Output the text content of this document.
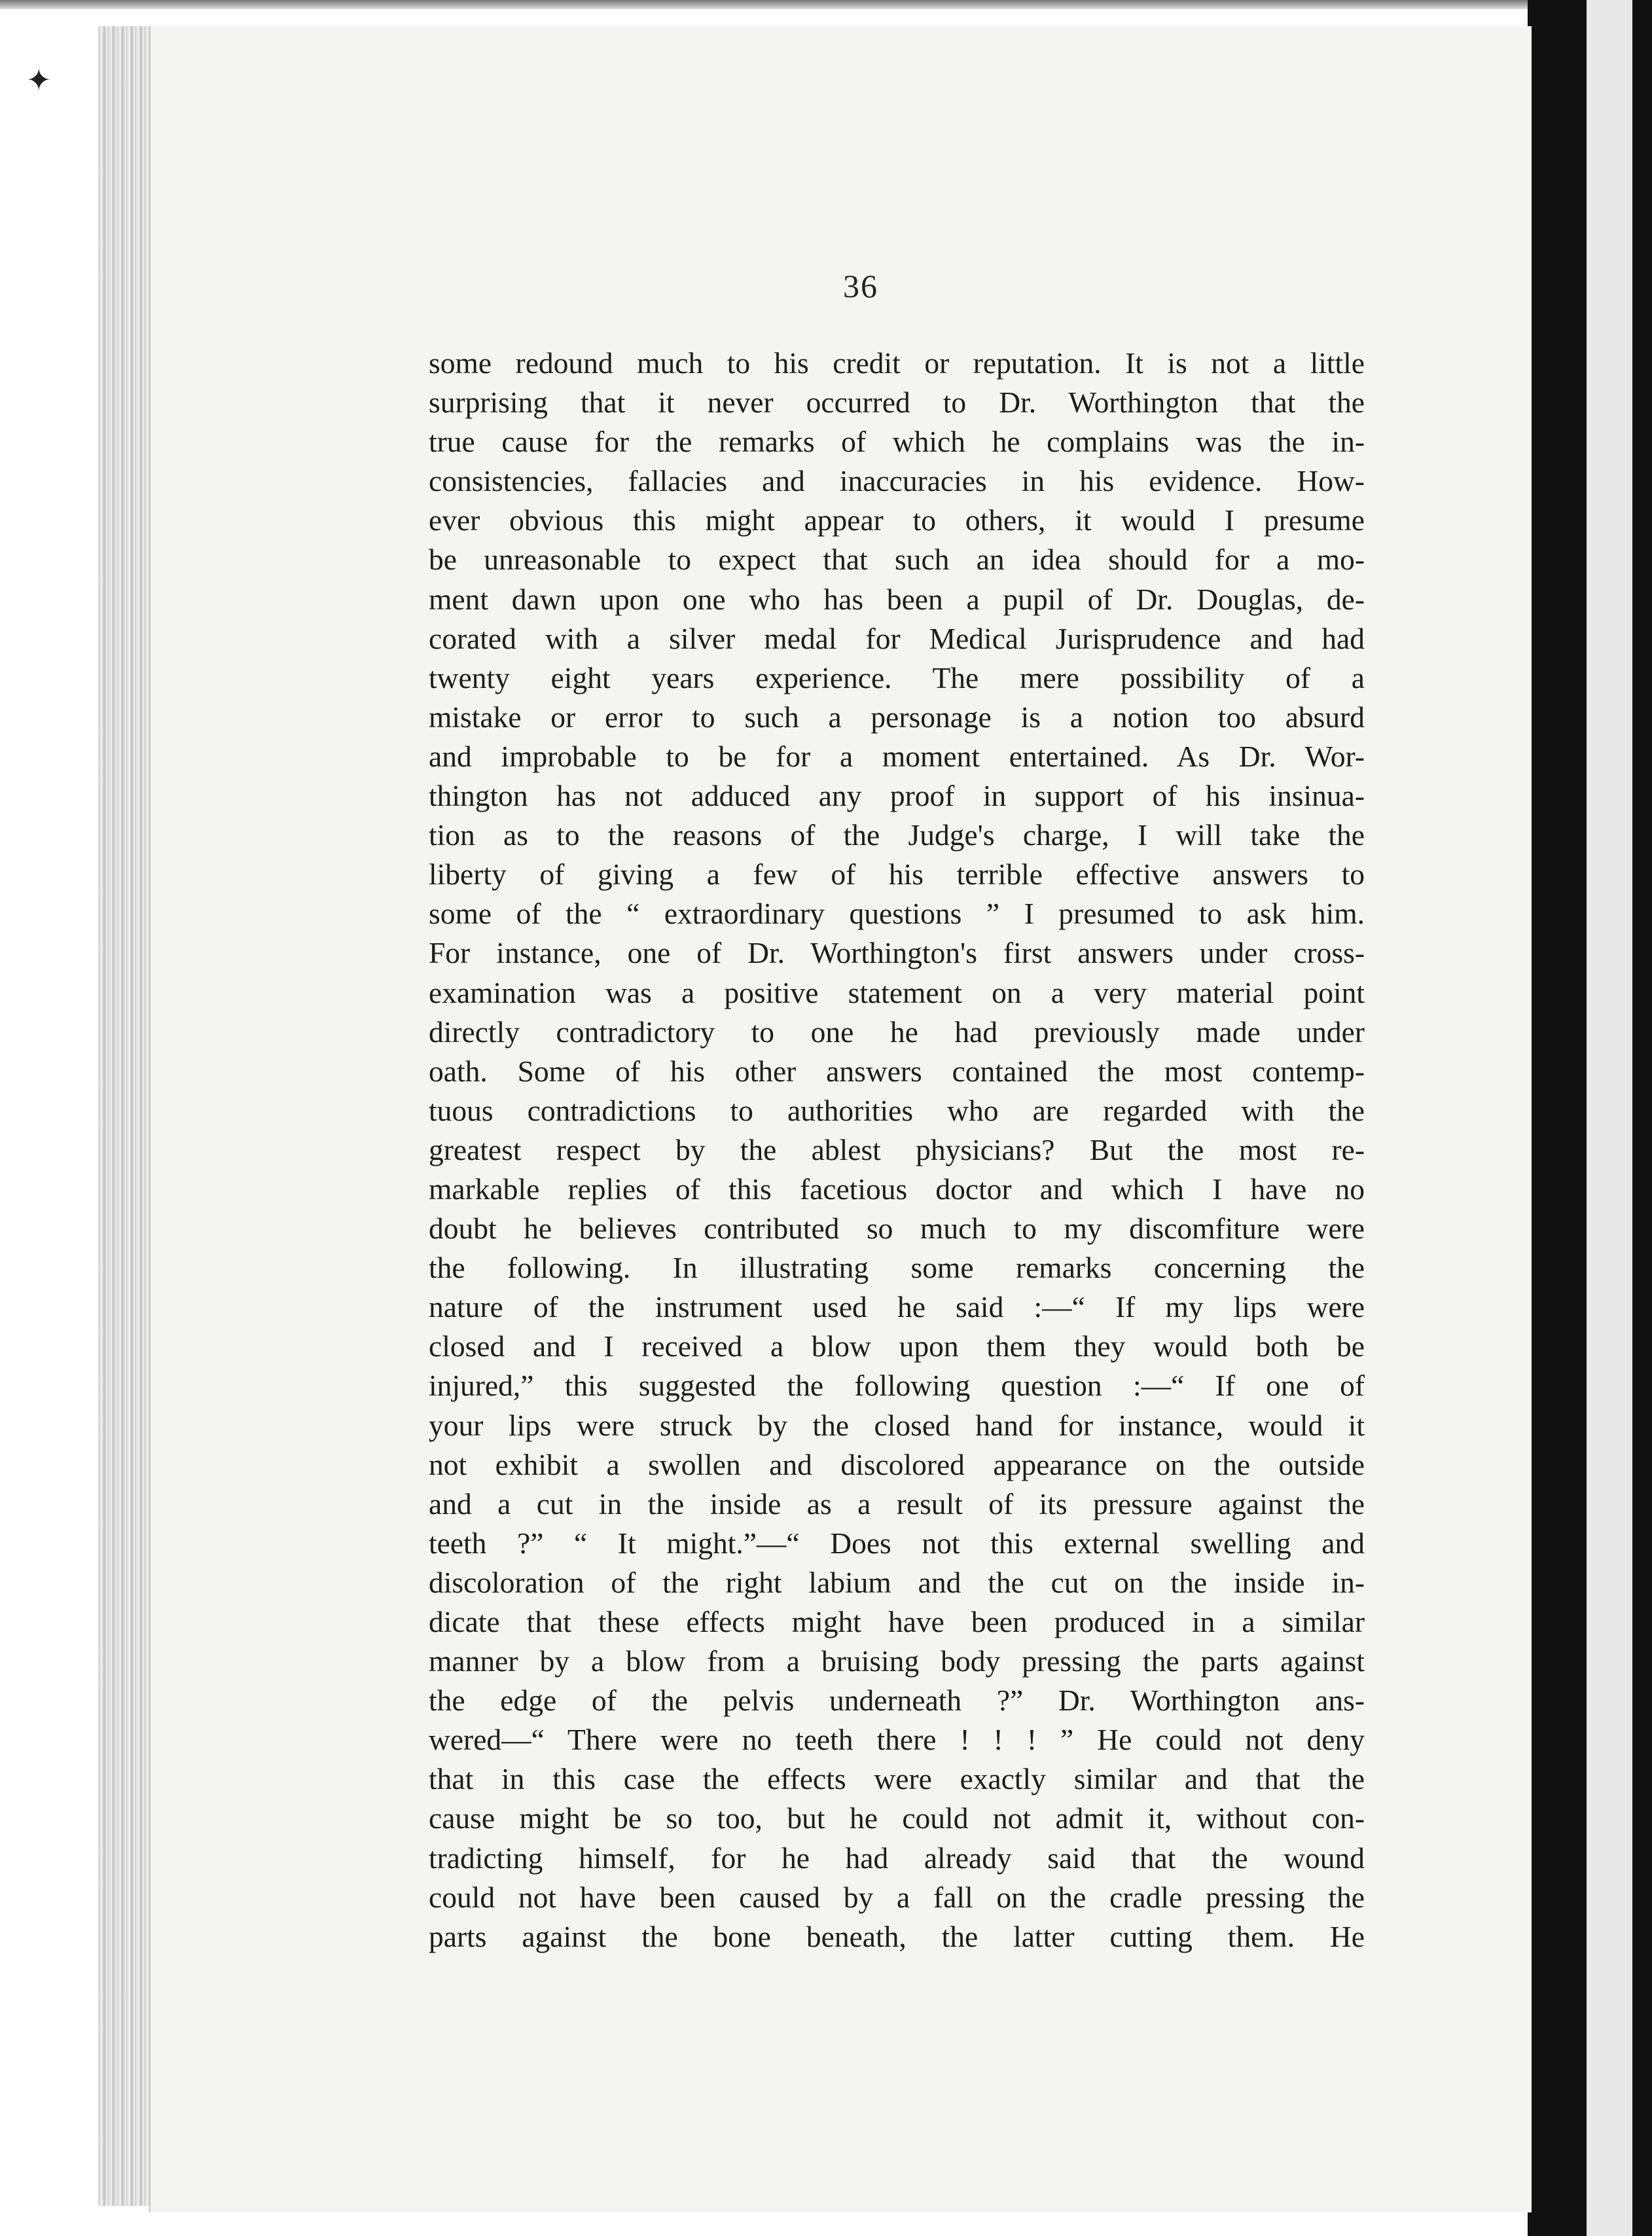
✦
36
some redound much to his credit or reputation. It is not a little
surprising that it never occurred to Dr. Worthington that the
true cause for the remarks of which he complains was the in-
consistencies, fallacies and inaccuracies in his evidence. How-
ever obvious this might appear to others, it would I presume
be unreasonable to expect that such an idea should for a mo-
ment dawn upon one who has been a pupil of Dr. Douglas, de-
corated with a silver medal for Medical Jurisprudence and had
twenty eight years experience. The mere possibility of a
mistake or error to such a personage is a notion too absurd
and improbable to be for a moment entertained. As Dr. Wor-
thington has not adduced any proof in support of his insinua-
tion as to the reasons of the Judge's charge, I will take the
liberty of giving a few of his terrible effective answers to
some of the “ extraordinary questions ” I presumed to ask him.
For instance, one of Dr. Worthington's first answers under cross-
examination was a positive statement on a very material point
directly contradictory to one he had previously made under
oath. Some of his other answers contained the most contemp-
tuous contradictions to authorities who are regarded with the
greatest respect by the ablest physicians? But the most re-
markable replies of this facetious doctor and which I have no
doubt he believes contributed so much to my discomfiture were
the following. In illustrating some remarks concerning the
nature of the instrument used he said :—“ If my lips were
closed and I received a blow upon them they would both be
injured,” this suggested the following question :—“ If one of
your lips were struck by the closed hand for instance, would it
not exhibit a swollen and discolored appearance on the outside
and a cut in the inside as a result of its pressure against the
teeth ?” “ It might.”—“ Does not this external swelling and
discoloration of the right labium and the cut on the inside in-
dicate that these effects might have been produced in a similar
manner by a blow from a bruising body pressing the parts against
the edge of the pelvis underneath ?” Dr. Worthington ans-
wered—“ There were no teeth there ! ! ! ” He could not deny
that in this case the effects were exactly similar and that the
cause might be so too, but he could not admit it, without con-
tradicting himself, for he had already said that the wound
could not have been caused by a fall on the cradle pressing the
parts against the bone beneath, the latter cutting them. He
